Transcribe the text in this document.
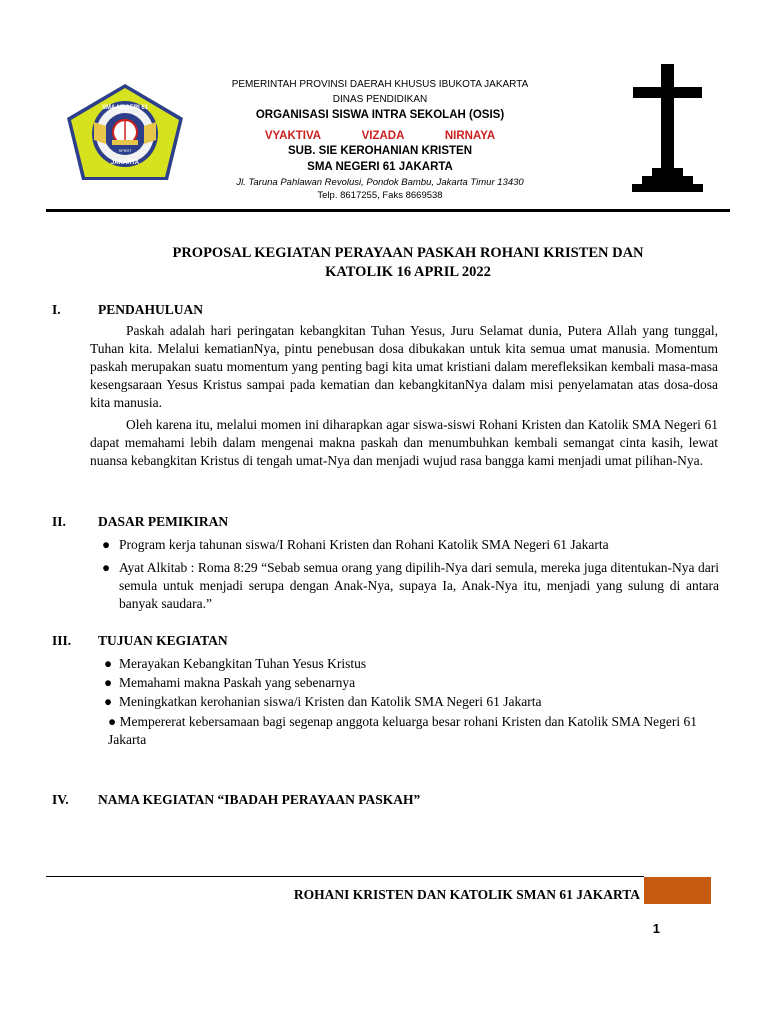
SMA NEGERI 61
SPIRIT
JAKARTA
PEMERINTAH PROVINSI DAERAH KHUSUS IBUKOTA JAKARTA
DINAS PENDIDIKAN
ORGANISASI SISWA INTRA SEKOLAH (OSIS)
VYAKTIVA	VIZADA	NIRNAYA
SUB. SIE KEROHANIAN KRISTEN
SMA NEGERI 61 JAKARTA
Jl. Taruna Pahlawan Revolusi, Pondok Bambu, Jakarta Timur 13430
Telp. 8617255, Faks 8669538
PROPOSAL KEGIATAN PERAYAAN PASKAH ROHANI KRISTEN DAN
KATOLIK 16 APRIL 2022
I.	PENDAHULUAN
Paskah adalah hari peringatan kebangkitan Tuhan Yesus, Juru Selamat dunia, Putera Allah yang tunggal, Tuhan kita. Melalui kematianNya, pintu penebusan dosa dibukakan untuk kita semua umat manusia. Momentum paskah merupakan suatu momentum yang penting bagi kita umat kristiani dalam merefleksikan kembali masa-masa kesengsaraan Yesus Kristus sampai pada kematian dan kebangkitanNya dalam misi penyelamatan atas dosa-dosa kita manusia.
Oleh karena itu, melalui momen ini diharapkan agar siswa-siswi Rohani Kristen dan Katolik SMA Negeri 61 dapat memahami lebih dalam mengenai makna paskah dan menumbuhkan kembali semangat cinta kasih, lewat nuansa kebangkitan Kristus di tengah umat-Nya dan menjadi wujud rasa bangga kami menjadi umat pilihan-Nya.
II. DASAR PEMIKIRAN
● Program kerja tahunan siswa/I Rohani Kristen dan Rohani Katolik SMA Negeri 61 Jakarta
● Ayat Alkitab : Roma 8:29 “Sebab semua orang yang dipilih-Nya dari semula, mereka juga ditentukan-Nya dari semula untuk menjadi serupa dengan Anak-Nya, supaya Ia, Anak-Nya itu, menjadi yang sulung di antara banyak saudara.”
III. TUJUAN KEGIATAN
● Merayakan Kebangkitan Tuhan Yesus Kristus
● Memahami makna Paskah yang sebenarnya
● Meningkatkan kerohanian siswa/i Kristen dan Katolik SMA Negeri 61 Jakarta
● Mempererat kebersamaan bagi segenap anggota keluarga besar rohani Kristen dan Katolik SMA Negeri 61 Jakarta
IV. NAMA KEGIATAN “IBADAH PERAYAAN PASKAH”
ROHANI KRISTEN DAN KATOLIK SMAN 61 JAKARTA
1
